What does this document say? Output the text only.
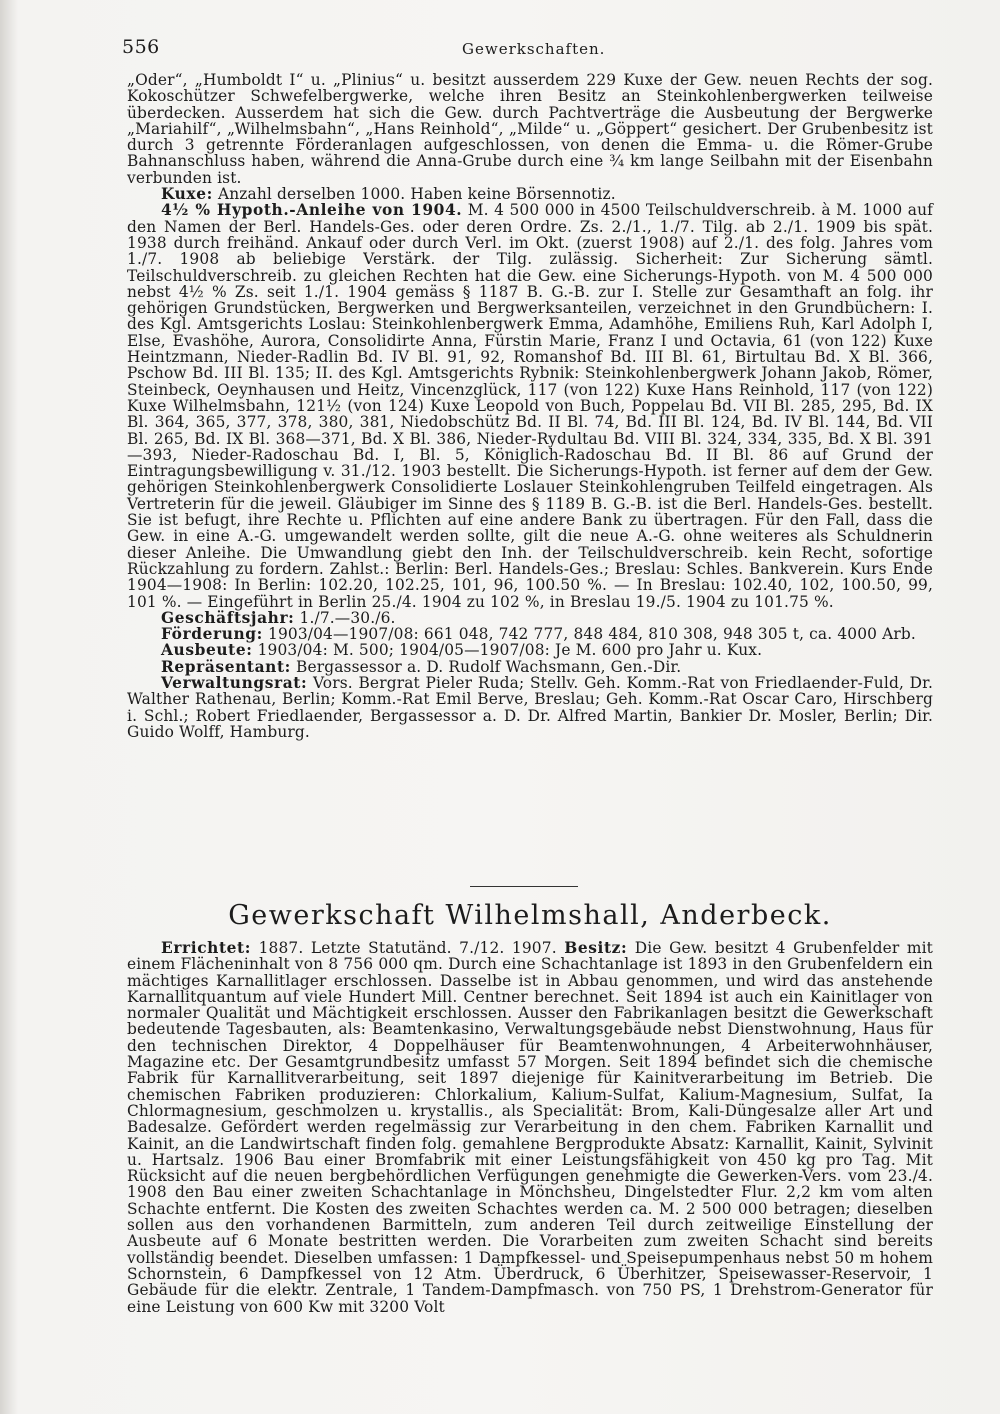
556	Gewerkschaften.

„Oder“, „Humboldt I“ u. „Plinius“ u. besitzt ausserdem 229 Kuxe der Gew. neuen Rechts der sog. Kokoschützer Schwefelbergwerke, welche ihren Besitz an Steinkohlenbergwerken teilweise überdecken. Ausserdem hat sich die Gew. durch Pachtverträge die Ausbeutung der Bergwerke „Mariahilf“, „Wilhelmsbahn“, „Hans Reinhold“, „Milde“ u. „Göppert“ gesichert. Der Grubenbesitz ist durch 3 getrennte Förderanlagen aufgeschlossen, von denen die Emma- u. die Römer-Grube Bahnanschluss haben, während die Anna-Grube durch eine ¾ km lange Seilbahn mit der Eisenbahn verbunden ist.

Kuxe: Anzahl derselben 1000. Haben keine Börsennotiz.

4½ % Hypoth.-Anleihe von 1904. M. 4 500 000 in 4500 Teilschuldverschreib. à M. 1000 auf den Namen der Berl. Handels-Ges. oder deren Ordre. Zs. 2./1., 1./7. Tilg. ab 2./1. 1909 bis spät. 1938 durch freihänd. Ankauf oder durch Verl. im Okt. (zuerst 1908) auf 2./1. des folg. Jahres vom 1./7. 1908 ab beliebige Verstärk. der Tilg. zulässig. Sicherheit: Zur Sicherung sämtl. Teilschuldverschreib. zu gleichen Rechten hat die Gew. eine Sicherungs-Hypoth. von M. 4 500 000 nebst 4½ % Zs. seit 1./1. 1904 gemäss § 1187 B. G.-B. zur I. Stelle zur Gesamthaft an folg. ihr gehörigen Grundstücken, Bergwerken und Bergwerksanteilen, verzeichnet in den Grundbüchern: I. des Kgl. Amtsgerichts Loslau: Steinkohlenbergwerk Emma, Adamhöhe, Emiliens Ruh, Karl Adolph I, Else, Evashöhe, Aurora, Consolidirte Anna, Fürstin Marie, Franz I und Octavia, 61 (von 122) Kuxe Heintzmann, Nieder-Radlin Bd. IV Bl. 91, 92, Romanshof Bd. III Bl. 61, Birtultau Bd. X Bl. 366, Pschow Bd. III Bl. 135; II. des Kgl. Amtsgerichts Rybnik: Steinkohlenbergwerk Johann Jakob, Römer, Steinbeck, Oeynhausen und Heitz, Vincenzglück, 117 (von 122) Kuxe Hans Reinhold, 117 (von 122) Kuxe Wilhelmsbahn, 121½ (von 124) Kuxe Leopold von Buch, Poppelau Bd. VII Bl. 285, 295, Bd. IX Bl. 364, 365, 377, 378, 380, 381, Niedobschütz Bd. II Bl. 74, Bd. III Bl. 124, Bd. IV Bl. 144, Bd. VII Bl. 265, Bd. IX Bl. 368—371, Bd. X Bl. 386, Nieder-Rydultau Bd. VIII Bl. 324, 334, 335, Bd. X Bl. 391—393, Nieder-Radoschau Bd. I, Bl. 5, Königlich-Radoschau Bd. II Bl. 86 auf Grund der Eintragungsbewilligung v. 31./12. 1903 bestellt. Die Sicherungs-Hypoth. ist ferner auf dem der Gew. gehörigen Steinkohlenbergwerk Consolidierte Loslauer Steinkohlengruben Teilfeld eingetragen. Als Vertreterin für die jeweil. Gläubiger im Sinne des § 1189 B. G.-B. ist die Berl. Handels-Ges. bestellt. Sie ist befugt, ihre Rechte u. Pflichten auf eine andere Bank zu übertragen. Für den Fall, dass die Gew. in eine A.-G. umgewandelt werden sollte, gilt die neue A.-G. ohne weiteres als Schuldnerin dieser Anleihe. Die Umwandlung giebt den Inh. der Teilschuldverschreib. kein Recht, sofortige Rückzahlung zu fordern. Zahlst.: Berlin: Berl. Handels-Ges.; Breslau: Schles. Bankverein. Kurs Ende 1904—1908: In Berlin: 102.20, 102.25, 101, 96, 100.50 %. — In Breslau: 102.40, 102, 100.50, 99, 101 %. — Eingeführt in Berlin 25./4. 1904 zu 102 %, in Breslau 19./5. 1904 zu 101.75 %.

Geschäftsjahr: 1./7.—30./6.

Förderung: 1903/04—1907/08: 661 048, 742 777, 848 484, 810 308, 948 305 t, ca. 4000 Arb.

Ausbeute: 1903/04: M. 500; 1904/05—1907/08: Je M. 600 pro Jahr u. Kux.

Repräsentant: Bergassessor a. D. Rudolf Wachsmann, Gen.-Dir.

Verwaltungsrat: Vors. Bergrat Pieler Ruda; Stellv. Geh. Komm.-Rat von Friedlaender-Fuld, Dr. Walther Rathenau, Berlin; Komm.-Rat Emil Berve, Breslau; Geh. Komm.-Rat Oscar Caro, Hirschberg i. Schl.; Robert Friedlaender, Bergassessor a. D. Dr. Alfred Martin, Bankier Dr. Mosler, Berlin; Dir. Guido Wolff, Hamburg.

Gewerkschaft Wilhelmshall, Anderbeck.

Errichtet: 1887. Letzte Statutänd. 7./12. 1907. Besitz: Die Gew. besitzt 4 Grubenfelder mit einem Flächeninhalt von 8 756 000 qm. Durch eine Schachtanlage ist 1893 in den Grubenfeldern ein mächtiges Karnallitlager erschlossen. Dasselbe ist in Abbau genommen, und wird das anstehende Karnallitquantum auf viele Hundert Mill. Centner berechnet. Seit 1894 ist auch ein Kainitlager von normaler Qualität und Mächtigkeit erschlossen. Ausser den Fabrikanlagen besitzt die Gewerkschaft bedeutende Tagesbauten, als: Beamtenkasino, Verwaltungsgebäude nebst Dienstwohnung, Haus für den technischen Direktor, 4 Doppelhäuser für Beamtenwohnungen, 4 Arbeiterwohnhäuser, Magazine etc. Der Gesamtgrundbesitz umfasst 57 Morgen. Seit 1894 befindet sich die chemische Fabrik für Karnallitverarbeitung, seit 1897 diejenige für Kainitverarbeitung im Betrieb. Die chemischen Fabriken produzieren: Chlorkalium, Kalium-Sulfat, Kalium-Magnesium, Sulfat, Ia Chlormagnesium, geschmolzen u. krystallis., als Specialität: Brom, Kali-Düngesalze aller Art und Badesalze. Gefördert werden regelmässig zur Verarbeitung in den chem. Fabriken Karnallit und Kainit, an die Landwirtschaft finden folg. gemahlene Bergprodukte Absatz: Karnallit, Kainit, Sylvinit u. Hartsalz. 1906 Bau einer Bromfabrik mit einer Leistungsfähigkeit von 450 kg pro Tag. Mit Rücksicht auf die neuen bergbehördlichen Verfügungen genehmigte die Gewerken-Vers. vom 23./4. 1908 den Bau einer zweiten Schachtanlage in Mönchsheu, Dingelstedter Flur. 2,2 km vom alten Schachte entfernt. Die Kosten des zweiten Schachtes werden ca. M. 2 500 000 betragen; dieselben sollen aus den vorhandenen Barmitteln, zum anderen Teil durch zeitweilige Einstellung der Ausbeute auf 6 Monate bestritten werden. Die Vorarbeiten zum zweiten Schacht sind bereits vollständig beendet. Dieselben umfassen: 1 Dampfkessel- und Speisepumpenhaus nebst 50 m hohem Schornstein, 6 Dampfkessel von 12 Atm. Überdruck, 6 Überhitzer, Speisewasser-Reservoir, 1 Gebäude für die elektr. Zentrale, 1 Tandem-Dampfmasch. von 750 PS, 1 Drehstrom-Generator für eine Leistung von 600 Kw mit 3200 Volt
